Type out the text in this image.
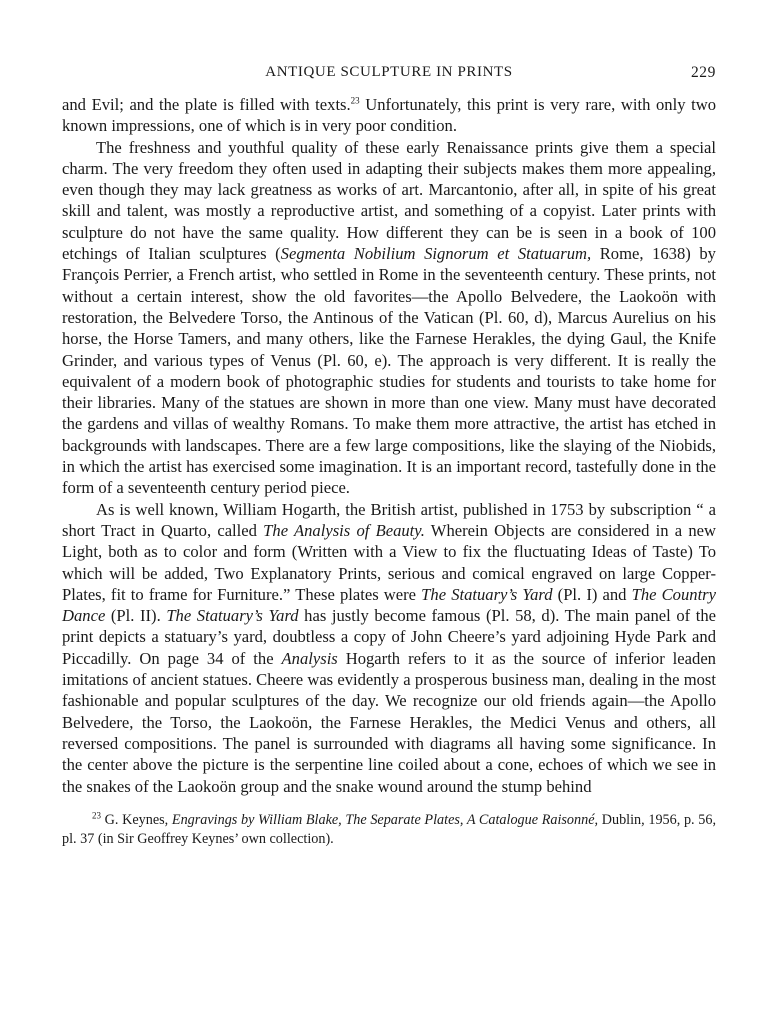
ANTIQUE SCULPTURE IN PRINTS	229

and Evil; and the plate is filled with texts.$^{23}$ Unfortunately, this print is very rare, with only two known impressions, one of which is in very poor condition.

The freshness and youthful quality of these early Renaissance prints give them a special charm. The very freedom they often used in adapting their subjects makes them more appealing, even though they may lack greatness as works of art. Marcantonio, after all, in spite of his great skill and talent, was mostly a reproductive artist, and something of a copyist. Later prints with sculpture do not have the same quality. How different they can be is seen in a book of 100 etchings of Italian sculptures (Segmenta Nobilium Signorum et Statuarum, Rome, 1638) by François Perrier, a French artist, who settled in Rome in the seventeenth century. These prints, not without a certain interest, show the old favorites—the Apollo Belvedere, the Laokoön with restoration, the Belvedere Torso, the Antinous of the Vatican (Pl. 60, d), Marcus Aurelius on his horse, the Horse Tamers, and many others, like the Farnese Herakles, the dying Gaul, the Knife Grinder, and various types of Venus (Pl. 60, e). The approach is very different. It is really the equivalent of a modern book of photographic studies for students and tourists to take home for their libraries. Many of the statues are shown in more than one view. Many must have decorated the gardens and villas of wealthy Romans. To make them more attractive, the artist has etched in backgrounds with landscapes. There are a few large compositions, like the slaying of the Niobids, in which the artist has exercised some imagination. It is an important record, tastefully done in the form of a seventeenth century period piece.

As is well known, William Hogarth, the British artist, published in 1753 by subscription “ a short Tract in Quarto, called The Analysis of Beauty. Wherein Objects are considered in a new Light, both as to color and form (Written with a View to fix the fluctuating Ideas of Taste) To which will be added, Two Explanatory Prints, serious and comical engraved on large Copper-Plates, fit to frame for Furniture.” These plates were The Statuary’s Yard (Pl. I) and The Country Dance (Pl. II). The Statuary’s Yard has justly become famous (Pl. 58, d). The main panel of the print depicts a statuary’s yard, doubtless a copy of John Cheere’s yard adjoining Hyde Park and Piccadilly. On page 34 of the Analysis Hogarth refers to it as the source of inferior leaden imitations of ancient statues. Cheere was evidently a prosperous business man, dealing in the most fashionable and popular sculptures of the day. We recognize our old friends again—the Apollo Belvedere, the Torso, the Laokoön, the Farnese Herakles, the Medici Venus and others, all reversed compositions. The panel is surrounded with diagrams all having some significance. In the center above the picture is the serpentine line coiled about a cone, echoes of which we see in the snakes of the Laokoön group and the snake wound around the stump behind

$^{23}$ G. Keynes, Engravings by William Blake, The Separate Plates, A Catalogue Raisonné, Dublin, 1956, p. 56, pl. 37 (in Sir Geoffrey Keynes’ own collection).
